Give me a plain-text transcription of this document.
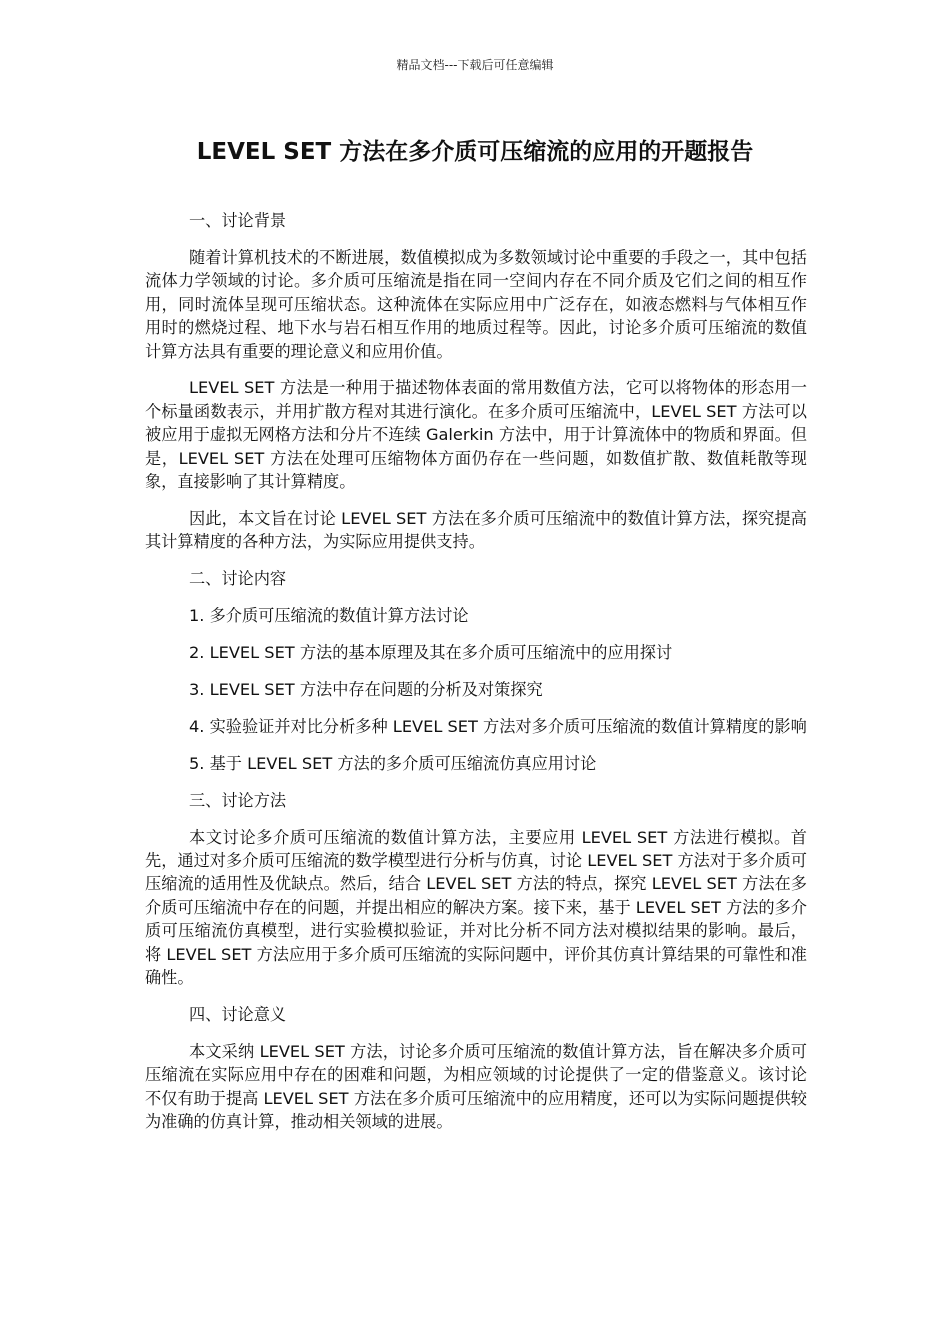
精品文档---下载后可任意编辑
LEVEL SET 方法在多介质可压缩流的应用的开题报告

一、讨论背景

随着计算机技术的不断进展，数值模拟成为多数领域讨论中重要的手段之一，其中包括流体力学领域的讨论。多介质可压缩流是指在同一空间内存在不同介质及它们之间的相互作用，同时流体呈现可压缩状态。这种流体在实际应用中广泛存在，如液态燃料与气体相互作用时的燃烧过程、地下水与岩石相互作用的地质过程等。因此，讨论多介质可压缩流的数值计算方法具有重要的理论意义和应用价值。

LEVEL SET 方法是一种用于描述物体表面的常用数值方法，它可以将物体的形态用一个标量函数表示，并用扩散方程对其进行演化。在多介质可压缩流中，LEVEL SET 方法可以被应用于虚拟无网格方法和分片不连续 Galerkin 方法中，用于计算流体中的物质和界面。但是，LEVEL SET 方法在处理可压缩物体方面仍存在一些问题，如数值扩散、数值耗散等现象，直接影响了其计算精度。

因此，本文旨在讨论 LEVEL SET 方法在多介质可压缩流中的数值计算方法，探究提高其计算精度的各种方法，为实际应用提供支持。

二、讨论内容

1. 多介质可压缩流的数值计算方法讨论

2. LEVEL SET 方法的基本原理及其在多介质可压缩流中的应用探讨

3. LEVEL SET 方法中存在问题的分析及对策探究

4. 实验验证并对比分析多种 LEVEL SET 方法对多介质可压缩流的数值计算精度的影响

5. 基于 LEVEL SET 方法的多介质可压缩流仿真应用讨论

三、讨论方法

本文讨论多介质可压缩流的数值计算方法，主要应用 LEVEL SET 方法进行模拟。首先，通过对多介质可压缩流的数学模型进行分析与仿真，讨论 LEVEL SET 方法对于多介质可压缩流的适用性及优缺点。然后，结合 LEVEL SET 方法的特点，探究 LEVEL SET 方法在多介质可压缩流中存在的问题，并提出相应的解决方案。接下来，基于 LEVEL SET 方法的多介质可压缩流仿真模型，进行实验模拟验证，并对比分析不同方法对模拟结果的影响。最后，将 LEVEL SET 方法应用于多介质可压缩流的实际问题中，评价其仿真计算结果的可靠性和准确性。

四、讨论意义

本文采纳 LEVEL SET 方法，讨论多介质可压缩流的数值计算方法，旨在解决多介质可压缩流在实际应用中存在的困难和问题，为相应领域的讨论提供了一定的借鉴意义。该讨论不仅有助于提高 LEVEL SET 方法在多介质可压缩流中的应用精度，还可以为实际问题提供较为准确的仿真计算，推动相关领域的进展。
